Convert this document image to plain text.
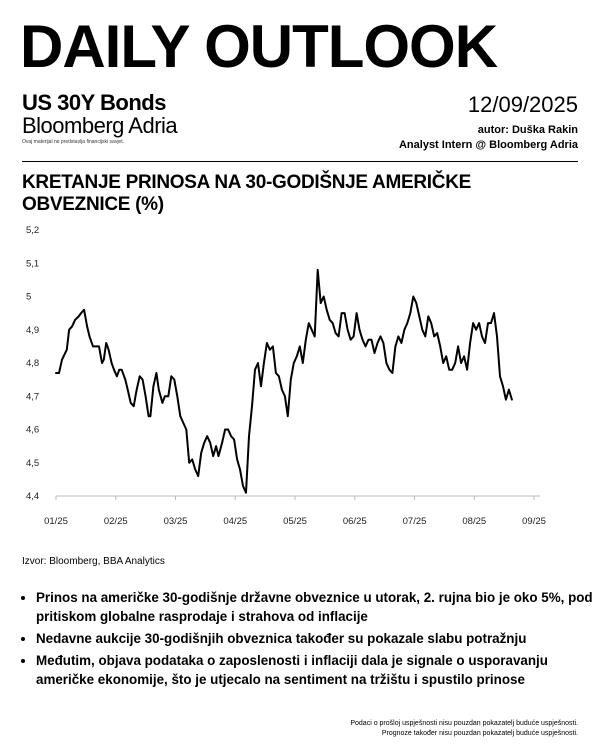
DAILY OUTLOOK
US 30Y Bonds
Bloomberg Adria
Ovaj materijal ne predstavlja financijski savjet.
12/09/2025
autor: Duška Rakin
Analyst Intern @ Bloomberg Adria
KRETANJE PRINOSA NA 30-GODIŠNJE AMERIČKE OBVEZNICE (%)
4,4
4,5
4,6
4,7
4,8
4,9
5
5,1
5,2
01/25	02/25	03/25	04/25	05/25	06/25	07/25	08/25	09/25
Izvor: Bloomberg, BBA Analytics
• Prinos na američke 30-godišnje državne obveznice u utorak, 2. rujna bio je oko 5%, pod pritiskom globalne rasprodaje i strahova od inflacije
• Nedavne aukcije 30-godišnjih obveznica također su pokazale slabu potražnju
• Međutim, objava podataka o zaposlenosti i inflaciji dala je signale o usporavanju američke ekonomije, što je utjecalo na sentiment na tržištu i spustilo prinose
Podaci o prošloj uspješnosti nisu pouzdan pokazatelj buduće uspješnosti.
Prognoze također nisu pouzdan pokazatelj buduće uspješnosti.
